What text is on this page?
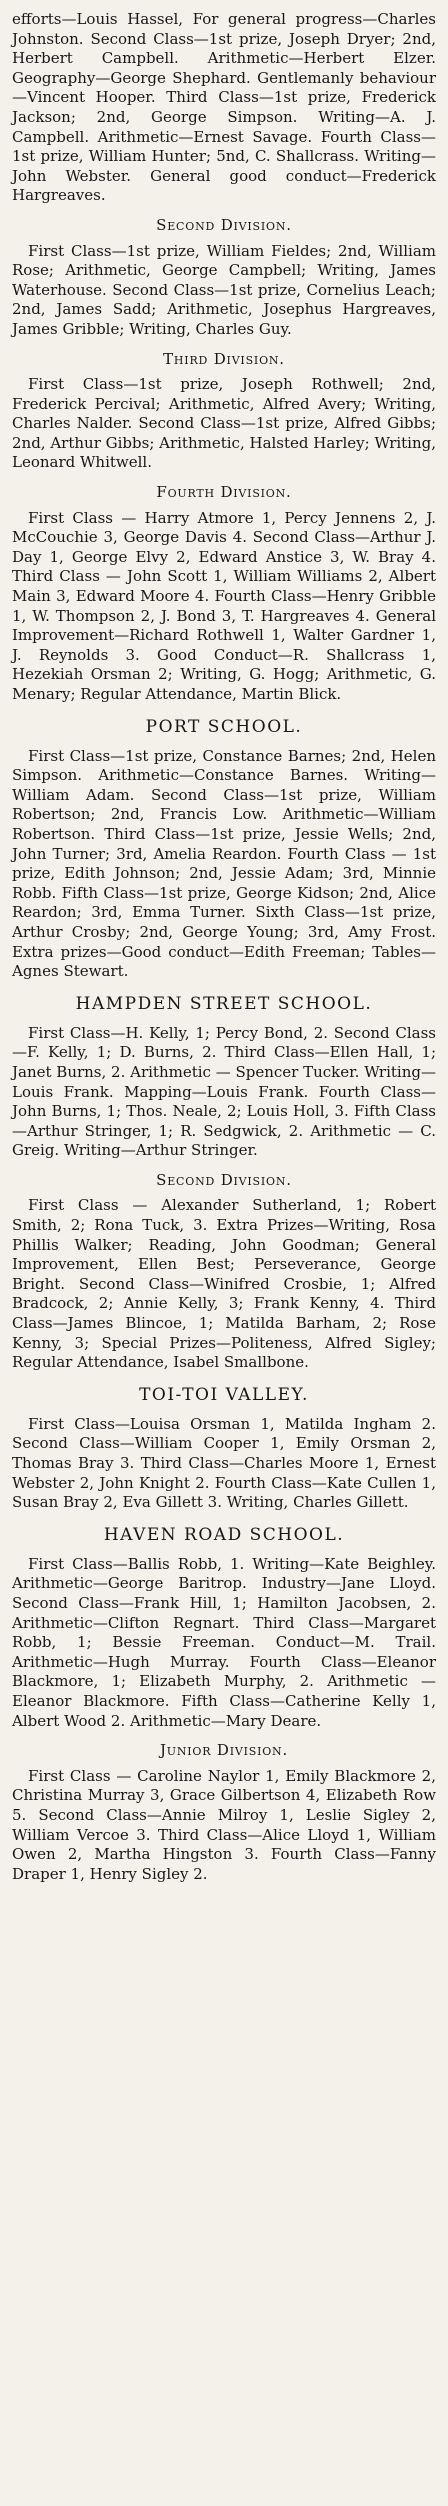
efforts—Louis Hassel, For general progress—Charles Johnston. Second Class—1st prize, Joseph Dryer; 2nd, Herbert Campbell. Arithmetic—Herbert Elzer. Geography—George Shephard. Gentlemanly behaviour—Vincent Hooper. Third Class—1st prize, Frederick Jackson; 2nd, George Simpson. Writing—A. J. Campbell. Arithmetic—Ernest Savage. Fourth Class—1st prize, William Hunter; 5nd, C. Shallcrass. Writing—John Webster. General good conduct—Frederick Hargreaves.

Second Division.

First Class—1st prize, William Fieldes; 2nd, William Rose; Arithmetic, George Campbell; Writing, James Waterhouse. Second Class—1st prize, Cornelius Leach; 2nd, James Sadd; Arithmetic, Josephus Hargreaves, James Gribble; Writing, Charles Guy.

Third Division.

First Class—1st prize, Joseph Rothwell; 2nd, Frederick Percival; Arithmetic, Alfred Avery; Writing, Charles Nalder. Second Class—1st prize, Alfred Gibbs; 2nd, Arthur Gibbs; Arithmetic, Halsted Harley; Writing, Leonard Whitwell.

Fourth Division.

First Class — Harry Atmore 1, Percy Jennens 2, J. McCouchie 3, George Davis 4. Second Class—Arthur J. Day 1, George Elvy 2, Edward Anstice 3, W. Bray 4. Third Class — John Scott 1, William Williams 2, Albert Main 3, Edward Moore 4. Fourth Class—Henry Gribble 1, W. Thompson 2, J. Bond 3, T. Hargreaves 4. General Improvement—Richard Rothwell 1, Walter Gardner 1, J. Reynolds 3. Good Conduct—R. Shallcrass 1, Hezekiah Orsman 2; Writing, G. Hogg; Arithmetic, G. Menary; Regular Attendance, Martin Blick.

PORT SCHOOL.

First Class—1st prize, Constance Barnes; 2nd, Helen Simpson. Arithmetic—Constance Barnes. Writing—William Adam. Second Class—1st prize, William Robertson; 2nd, Francis Low. Arithmetic—William Robertson. Third Class—1st prize, Jessie Wells; 2nd, John Turner; 3rd, Amelia Reardon. Fourth Class — 1st prize, Edith Johnson; 2nd, Jessie Adam; 3rd, Minnie Robb. Fifth Class—1st prize, George Kidson; 2nd, Alice Reardon; 3rd, Emma Turner. Sixth Class—1st prize, Arthur Crosby; 2nd, George Young; 3rd, Amy Frost. Extra prizes—Good conduct—Edith Freeman; Tables—Agnes Stewart.

HAMPDEN STREET SCHOOL.

First Class—H. Kelly, 1; Percy Bond, 2. Second Class—F. Kelly, 1; D. Burns, 2. Third Class—Ellen Hall, 1; Janet Burns, 2. Arithmetic — Spencer Tucker. Writing—Louis Frank. Mapping—Louis Frank. Fourth Class—John Burns, 1; Thos. Neale, 2; Louis Holl, 3. Fifth Class—Arthur Stringer, 1; R. Sedgwick, 2. Arithmetic — C. Greig. Writing—Arthur Stringer.

Second Division.

First Class — Alexander Sutherland, 1; Robert Smith, 2; Rona Tuck, 3. Extra Prizes—Writing, Rosa Phillis Walker; Reading, John Goodman; General Improvement, Ellen Best; Perseverance, George Bright. Second Class—Winifred Crosbie, 1; Alfred Bradcock, 2; Annie Kelly, 3; Frank Kenny, 4. Third Class—James Blincoe, 1; Matilda Barham, 2; Rose Kenny, 3; Special Prizes—Politeness, Alfred Sigley; Regular Attendance, Isabel Smallbone.

TOI-TOI VALLEY.

First Class—Louisa Orsman 1, Matilda Ingham 2. Second Class—William Cooper 1, Emily Orsman 2, Thomas Bray 3. Third Class—Charles Moore 1, Ernest Webster 2, John Knight 2. Fourth Class—Kate Cullen 1, Susan Bray 2, Eva Gillett 3. Writing, Charles Gillett.

HAVEN ROAD SCHOOL.

First Class—Ballis Robb, 1. Writing—Kate Beighley. Arithmetic—George Baritrop. Industry—Jane Lloyd. Second Class—Frank Hill, 1; Hamilton Jacobsen, 2. Arithmetic—Clifton Regnart. Third Class—Margaret Robb, 1; Bessie Freeman. Conduct—M. Trail. Arithmetic—Hugh Murray. Fourth Class—Eleanor Blackmore, 1; Elizabeth Murphy, 2. Arithmetic — Eleanor Blackmore. Fifth Class—Catherine Kelly 1, Albert Wood 2. Arithmetic—Mary Deare.

Junior Division.

First Class — Caroline Naylor 1, Emily Blackmore 2, Christina Murray 3, Grace Gilbertson 4, Elizabeth Row 5. Second Class—Annie Milroy 1, Leslie Sigley 2, William Vercoe 3. Third Class—Alice Lloyd 1, William Owen 2, Martha Hingston 3. Fourth Class—Fanny Draper 1, Henry Sigley 2.
